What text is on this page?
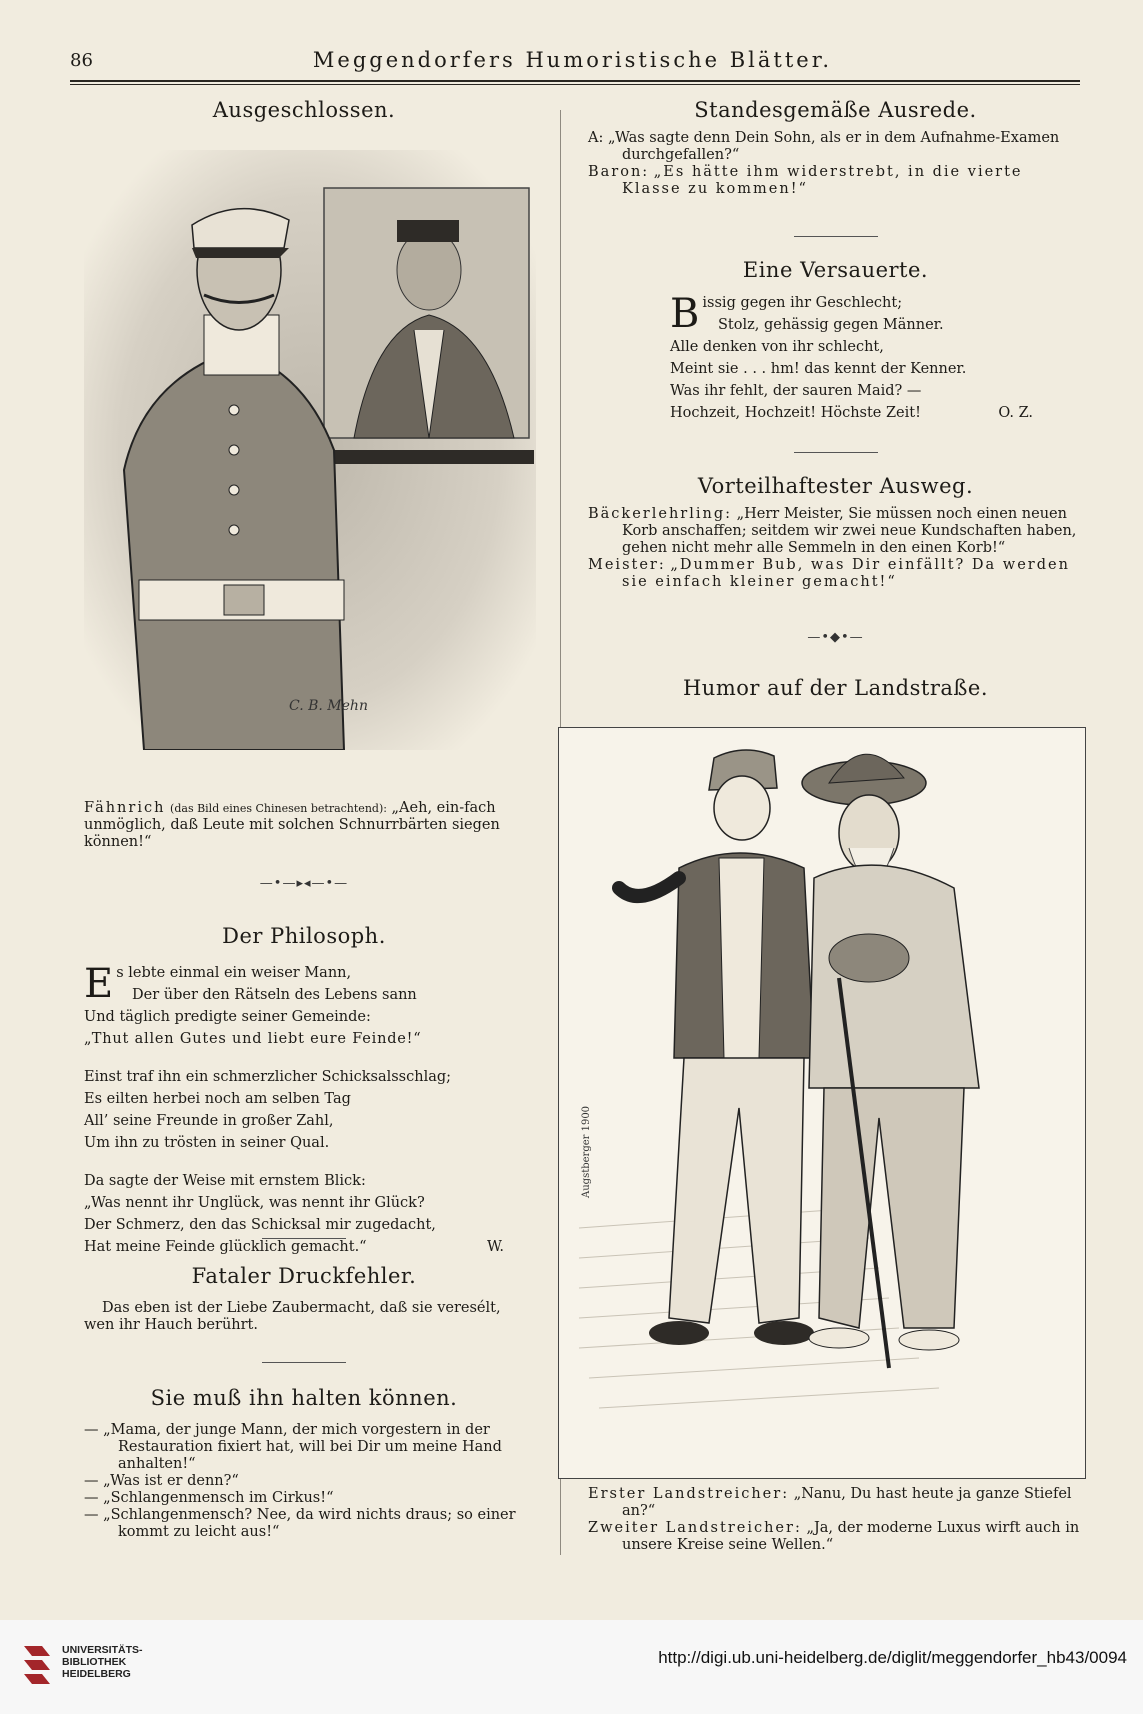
86	Meggendorfers Humoristische Blätter.
Ausgeschlossen.
C. B. Mehn

Fähnrich (das Bild eines Chinesen betrachtend): „Aeh, ein-fach unmöglich, daß Leute mit solchen Schnurrbärten siegen können!“

—•—▸◂—•—
Der Philosoph.
E s lebte einmal ein weiser Mann,

Der über den Rätseln des Lebens sann

Und täglich predigte seiner Gemeinde:

„Thut allen Gutes und liebt eure Feinde!“

Einst traf ihn ein schmerzlicher Schicksalsschlag;

Es eilten herbei noch am selben Tag

All’ seine Freunde in großer Zahl,

Um ihn zu trösten in seiner Qual.

Da sagte der Weise mit ernstem Blick:

„Was nennt ihr Unglück, was nennt ihr Glück?

Der Schmerz, den das Schicksal mir zugedacht,

Hat meine Feinde glücklich gemacht.“	W.

Fataler Druckfehler.

Das eben ist der Liebe Zaubermacht, daß sie veresélt, wen ihr Hauch berührt.

Sie muß ihn halten können.

— „Mama, der junge Mann, der mich vorgestern in der Restauration fixiert hat, will bei Dir um meine Hand anhalten!“

— „Was ist er denn?“

— „Schlangenmensch im Cirkus!“

— „Schlangenmensch? Nee, da wird nichts draus; so einer kommt zu leicht aus!“

Standesgemäße Ausrede.

A: „Was sagte denn Dein Sohn, als er in dem Aufnahme-Examen durchgefallen?“

Baron: „Es hätte ihm widerstrebt, in die vierte Klasse zu kommen!“

Eine Versauerte.
B issig gegen ihr Geschlecht;

Stolz, gehässig gegen Männer.

Alle denken von ihr schlecht,

Meint sie . . . hm! das kennt der Kenner.

Was ihr fehlt, der sauren Maid? —

Hochzeit, Hochzeit! Höchste Zeit!	O. Z.

Vorteilhaftester Ausweg.

Bäckerlehrling: „Herr Meister, Sie müssen noch einen neuen Korb anschaffen; seitdem wir zwei neue Kundschaften haben, gehen nicht mehr alle Semmeln in den einen Korb!“

Meister: „Dummer Bub, was Dir einfällt? Da werden sie einfach kleiner gemacht!“

—•◆•—
Humor auf der Landstraße.
Augstberger 1900

Erster Landstreicher: „Nanu, Du hast heute ja ganze Stiefel an?“

Zweiter Landstreicher: „Ja, der moderne Luxus wirft auch in unsere Kreise seine Wellen.“

UNIVERSITÄTS-
BIBLIOTHEK
HEIDELBERG
http://digi.ub.uni-heidelberg.de/diglit/meggendorfer_hb43/0094
